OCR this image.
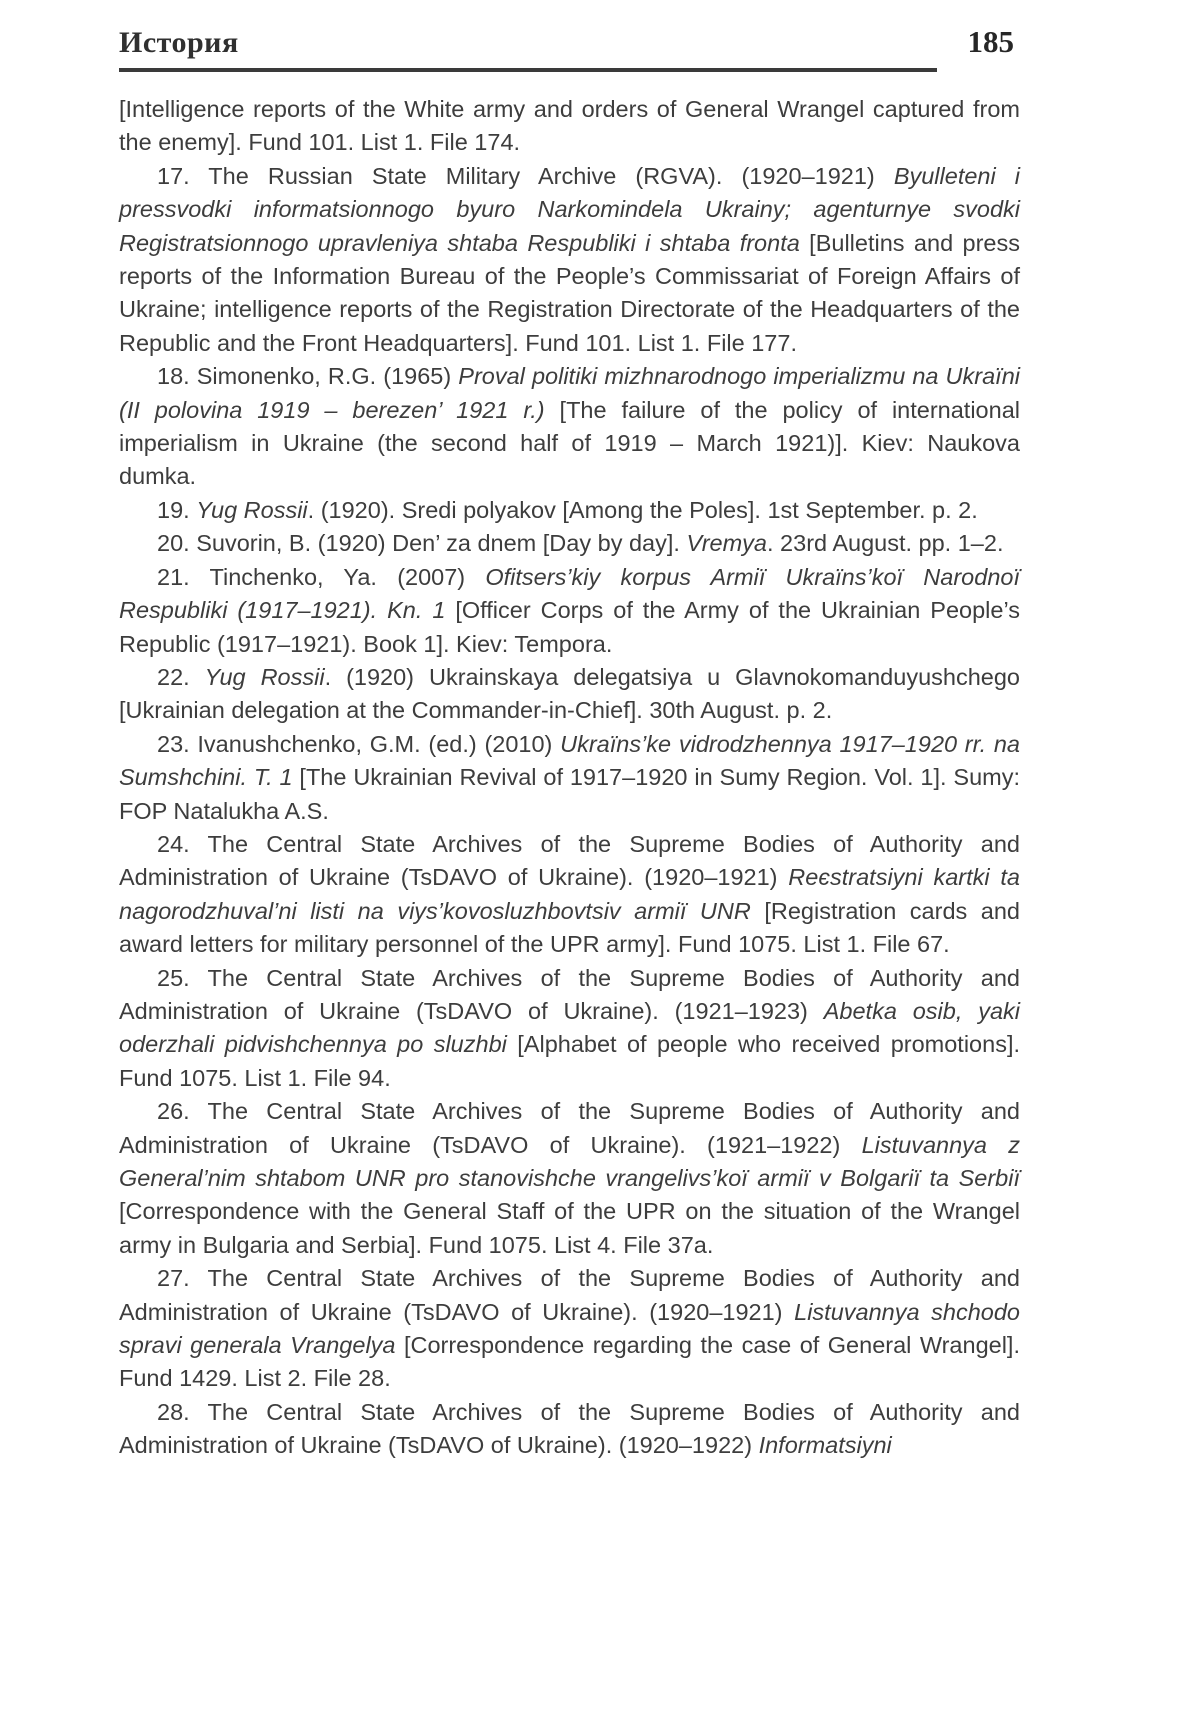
История	185

[Intelligence reports of the White army and orders of General Wrangel captured from the enemy]. Fund 101. List 1. File 174.

17. The Russian State Military Archive (RGVA). (1920–1921) Byulleteni i pressvodki informatsionnogo byuro Narkomindela Ukrainy; agenturnye svodki Registratsionnogo upravleniya shtaba Respubliki i shtaba fronta [Bulletins and press reports of the Information Bureau of the People’s Commissariat of Foreign Affairs of Ukraine; intelligence reports of the Registration Directorate of the Headquarters of the Republic and the Front Headquarters]. Fund 101. List 1. File 177.

18. Simonenko, R.G. (1965) Proval politiki mizhnarodnogo imperializmu na Ukraïni (II polovina 1919 – berezen’ 1921 r.) [The failure of the policy of international imperialism in Ukraine (the second half of 1919 – March 1921)]. Kiev: Naukova dumka.

19. Yug Rossii. (1920). Sredi polyakov [Among the Poles]. 1st September. p. 2.

20. Suvorin, B. (1920) Den’ za dnem [Day by day]. Vremya. 23rd August. pp. 1–2.

21. Tinchenko, Ya. (2007) Ofitsers’kiy korpus Armiï Ukraïns’koï Narodnoï Respubliki (1917–1921). Kn. 1 [Officer Corps of the Army of the Ukrainian People’s Republic (1917–1921). Book 1]. Kiev: Tempora.

22. Yug Rossii. (1920) Ukrainskaya delegatsiya u Glavnokomanduyushchego [Ukrainian delegation at the Commander-in-Chief]. 30th August. p. 2.

23. Ivanushchenko, G.M. (ed.) (2010) Ukraïns’ke vidrodzhennya 1917–1920 rr. na Sumshchini. T. 1 [The Ukrainian Revival of 1917–1920 in Sumy Region. Vol. 1]. Sumy: FOP Natalukha A.S.

24. The Central State Archives of the Supreme Bodies of Authority and Administration of Ukraine (TsDAVO of Ukraine). (1920–1921) Reєstratsiyni kartki ta nagorodzhuval’ni listi na viys’kovosluzhbovtsiv armiï UNR [Registration cards and award letters for military personnel of the UPR army]. Fund 1075. List 1. File 67.

25. The Central State Archives of the Supreme Bodies of Authority and Administration of Ukraine (TsDAVO of Ukraine). (1921–1923) Abetka osib, yaki oderzhali pidvishchennya po sluzhbi [Alphabet of people who received promotions]. Fund 1075. List 1. File 94.

26. The Central State Archives of the Supreme Bodies of Authority and Administration of Ukraine (TsDAVO of Ukraine). (1921–1922) Listuvannya z General’nim shtabom UNR pro stanovishche vrangelivs’koï armiï v Bolgariï ta Serbiï [Correspondence with the General Staff of the UPR on the situation of the Wrangel army in Bulgaria and Serbia]. Fund 1075. List 4. File 37a.

27. The Central State Archives of the Supreme Bodies of Authority and Administration of Ukraine (TsDAVO of Ukraine). (1920–1921) Listuvannya shchodo spravi generala Vrangelya [Correspondence regarding the case of General Wrangel]. Fund 1429. List 2. File 28.

28. The Central State Archives of the Supreme Bodies of Authority and Administration of Ukraine (TsDAVO of Ukraine). (1920–1922) Informatsiyni
